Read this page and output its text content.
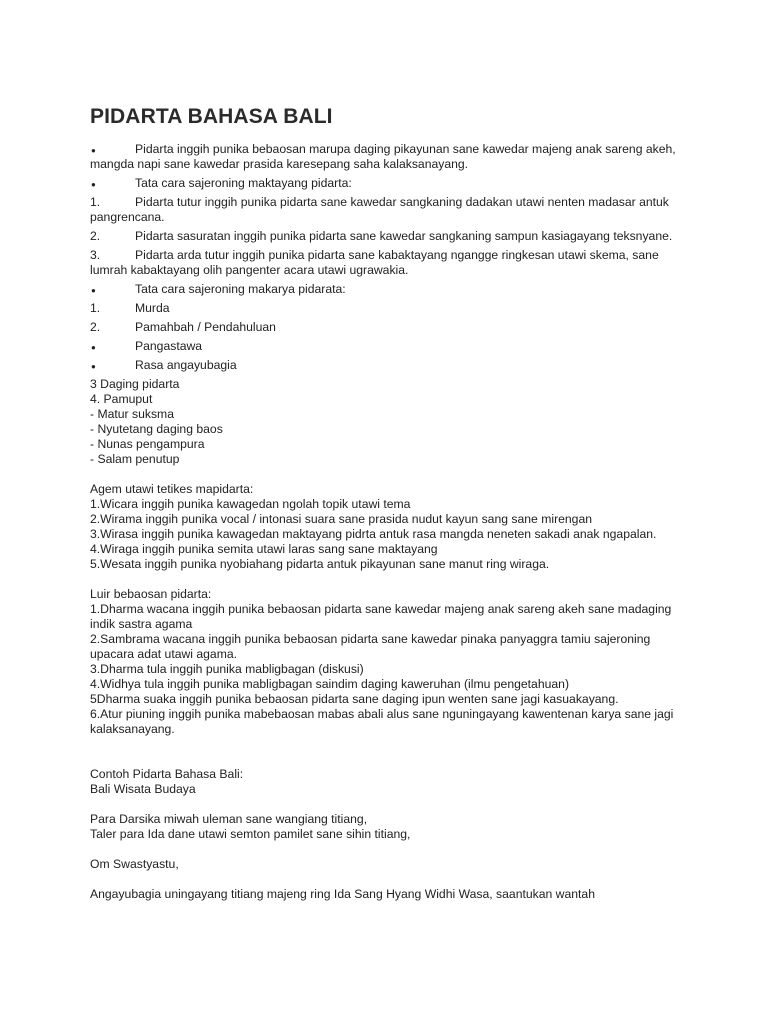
PIDARTA BAHASA BALI
●	Pidarta inggih punika bebaosan marupa daging pikayunan sane kawedar majeng anak sareng akeh, mangda napi sane kawedar prasida karesepang saha kalaksanayang.
●	Tata cara sajeroning maktayang pidarta:
1.	Pidarta tutur inggih punika pidarta sane kawedar sangkaning dadakan utawi nenten madasar antuk pangrencana.
2.	Pidarta sasuratan inggih punika pidarta sane kawedar sangkaning sampun kasiagayang teksnyane.
3.	Pidarta arda tutur inggih punika pidarta sane kabaktayang ngangge ringkesan utawi skema, sane lumrah kabaktayang olih pangenter acara utawi ugrawakia.
●	Tata cara sajeroning makarya pidarata:
1.	Murda
2.	Pamahbah / Pendahuluan
●	Pangastawa
●	Rasa angayubagia
3 Daging pidarta
4. Pamuput
- Matur suksma
- Nyutetang daging baos
- Nunas pengampura
- Salam penutup
Agem utawi tetikes mapidarta:
1.Wicara inggih punika kawagedan ngolah topik utawi tema
2.Wirama inggih punika vocal / intonasi suara sane prasida nudut kayun sang sane mirengan
3.Wirasa inggih punika kawagedan maktayang pidrta antuk rasa mangda neneten sakadi anak ngapalan.
4.Wiraga inggih punika semita utawi laras sang sane maktayang
5.Wesata inggih punika nyobiahang pidarta antuk pikayunan sane manut ring wiraga.
Luir bebaosan pidarta:
1.Dharma wacana inggih punika bebaosan pidarta sane kawedar majeng anak sareng akeh sane madaging indik sastra agama
2.Sambrama wacana inggih punika bebaosan pidarta sane kawedar pinaka panyaggra tamiu sajeroning upacara adat utawi agama.
3.Dharma tula inggih punika mabligbagan (diskusi)
4.Widhya tula inggih punika mabligbagan saindim daging kaweruhan (ilmu pengetahuan)
5Dharma suaka inggih punika bebaosan pidarta sane daging ipun wenten sane jagi kasuakayang.
6.Atur piuning inggih punika mabebaosan mabas abali alus sane nguningayang kawentenan karya sane jagi kalaksanayang.
Contoh Pidarta Bahasa Bali:
Bali Wisata Budaya
Para Darsika miwah uleman sane wangiang titiang,
Taler para Ida dane utawi semton pamilet sane sihin titiang,
Om Swastyastu,
Angayubagia uningayang titiang majeng ring Ida Sang Hyang Widhi Wasa, saantukan wantah
